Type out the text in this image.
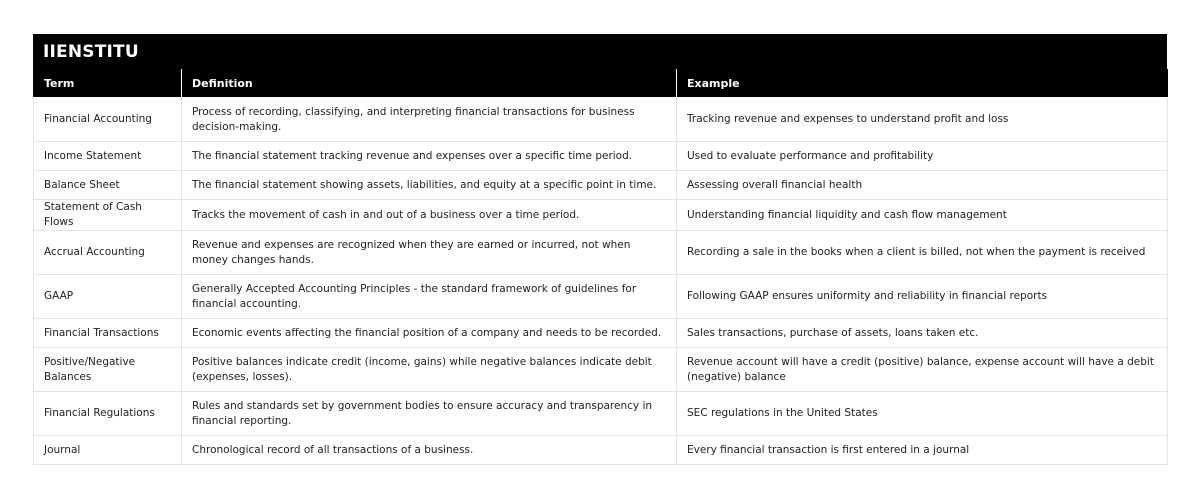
IIENSTITU
Term	Definition	Example
Financial Accounting	Process of recording, classifying, and interpreting financial transactions for business decision-making.	Tracking revenue and expenses to understand profit and loss
Income Statement	The financial statement tracking revenue and expenses over a specific time period.	Used to evaluate performance and profitability
Balance Sheet	The financial statement showing assets, liabilities, and equity at a specific point in time.	Assessing overall financial health
Statement of Cash Flows	Tracks the movement of cash in and out of a business over a time period.	Understanding financial liquidity and cash flow management
Accrual Accounting	Revenue and expenses are recognized when they are earned or incurred, not when money changes hands.	Recording a sale in the books when a client is billed, not when the payment is received
GAAP	Generally Accepted Accounting Principles - the standard framework of guidelines for financial accounting.	Following GAAP ensures uniformity and reliability in financial reports
Financial Transactions	Economic events affecting the financial position of a company and needs to be recorded.	Sales transactions, purchase of assets, loans taken etc.
Positive/Negative Balances	Positive balances indicate credit (income, gains) while negative balances indicate debit (expenses, losses).	Revenue account will have a credit (positive) balance, expense account will have a debit (negative) balance
Financial Regulations	Rules and standards set by government bodies to ensure accuracy and transparency in financial reporting.	SEC regulations in the United States
Journal	Chronological record of all transactions of a business.	Every financial transaction is first entered in a journal
